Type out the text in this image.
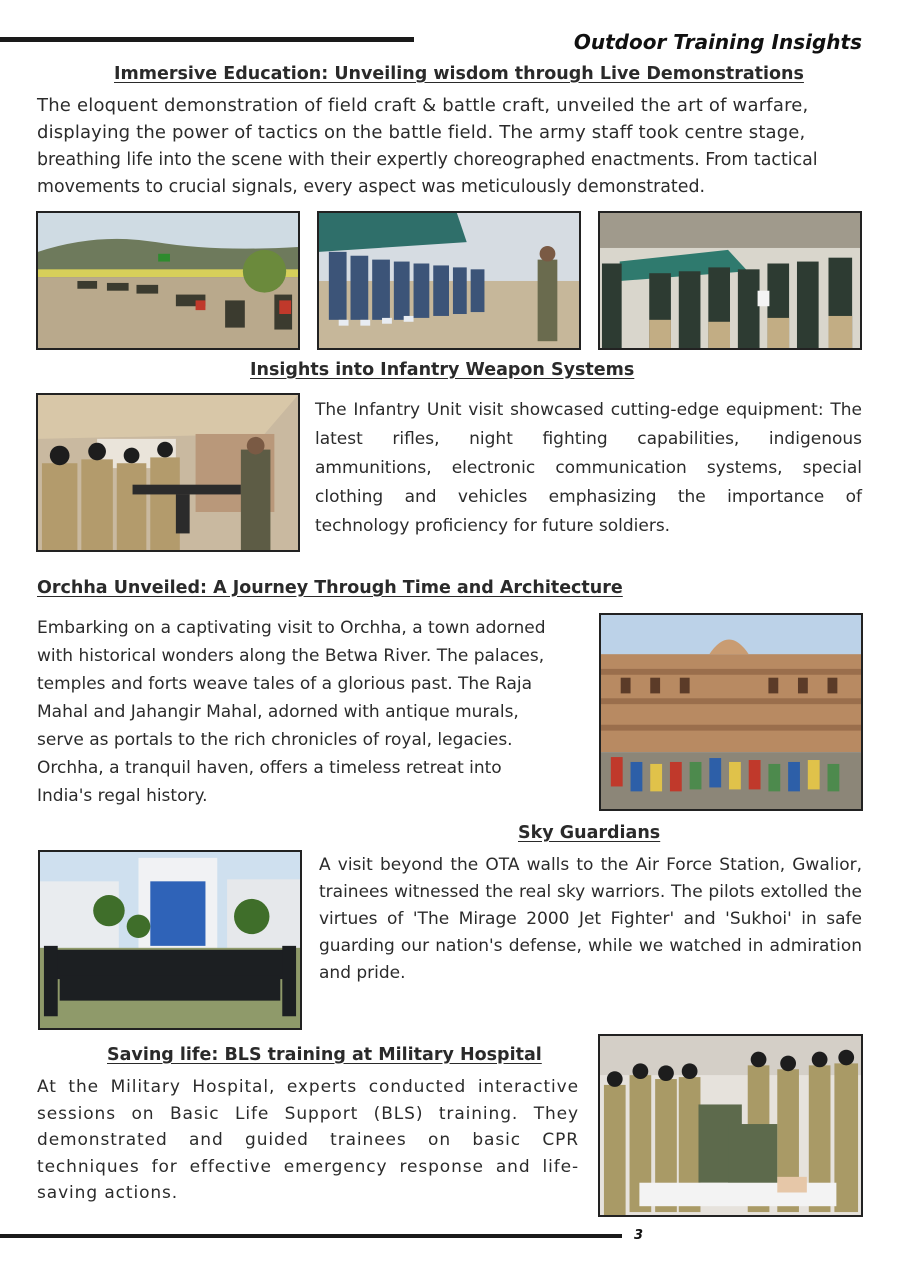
Outdoor Training Insights
Immersive Education: Unveiling wisdom through Live Demonstrations
The eloquent demonstration of field craft & battle craft, unveiled the art of warfare,
displaying the power of tactics on the battle field. The army staff took centre stage,
breathing life into the scene with their expertly choreographed enactments. From tactical
movements to crucial signals, every aspect was meticulously demonstrated.
Insights into Infantry Weapon Systems
The Infantry Unit visit showcased cutting-edge equipment: The latest rifles, night fighting capabilities, indigenous ammunitions, electronic communication systems, special clothing and vehicles emphasizing the importance of technology proficiency for future soldiers.
Orchha Unveiled: A Journey Through Time and Architecture
Embarking on a captivating visit to Orchha, a town adorned
with historical wonders along the Betwa River. The palaces,
temples and forts weave tales of a glorious past. The Raja
Mahal and Jahangir Mahal, adorned with antique murals,
serve as portals to the rich chronicles of royal, legacies.
Orchha, a tranquil haven, offers a timeless retreat into
India's regal history.
Sky Guardians
A visit beyond the OTA walls to the Air Force Station, Gwalior, trainees witnessed the real sky warriors. The pilots extolled the virtues of 'The Mirage 2000 Jet Fighter' and 'Sukhoi' in safe guarding our nation's defense, while we watched in admiration and pride.
Saving life: BLS training at Military Hospital
At the Military Hospital, experts conducted interactive sessions on Basic Life Support (BLS) training. They demonstrated and guided trainees on basic CPR techniques for effective emergency response and life-saving actions.
3
